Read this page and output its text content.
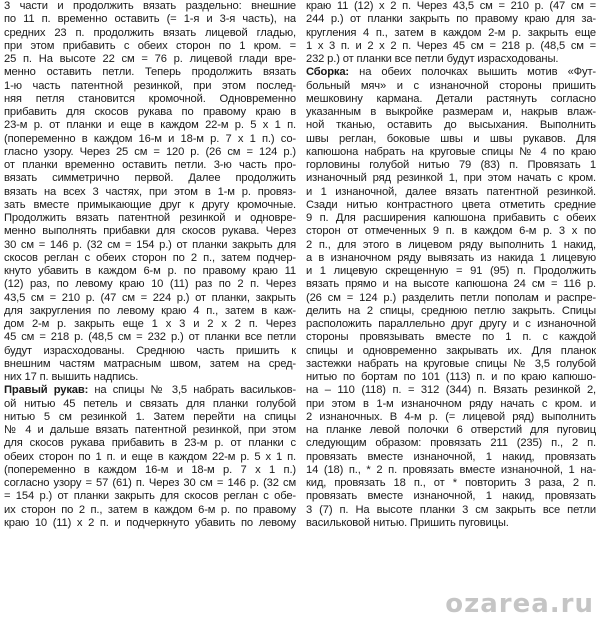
3 части и продолжить вязать раздельно: внешние
по 11 п. временно оставить (= 1-я и 3-я часть), на
средних 23 п. продолжить вязать лицевой гладью,
при этом прибавить с обеих сторон по 1 кром. =
25 п. На высоте 22 см = 76 р. лицевой глади вре-
менно оставить петли. Теперь продолжить вязать
1-ю часть патентной резинкой, при этом послед-
няя петля становится кромочной. Одновременно
прибавить для скосов рукава по правому краю в
23-м р. от планки и еще в каждом 22-м р. 5 x 1 п.
(попеременно в каждом 16-м и 18-м р. 7 x 1 п.) со-
гласно узору. Через 25 см = 120 р. (26 см = 124 р.)
от планки временно оставить петли. 3-ю часть про-
вязать симметрично первой. Далее продолжить
вязать на всех 3 частях, при этом в 1-м р. провяз-
зать вместе примыкающие друг к другу кромочные.
Продолжить вязать патентной резинкой и одновре-
менно выполнять прибавки для скосов рукава. Через
30 см = 146 р. (32 см = 154 р.) от планки закрыть для
скосов реглан с обеих сторон по 2 п., затем подчер-
кнуто убавить в каждом 6-м р. по правому краю 11
(12) раз, по левому краю 10 (11) раз по 2 п. Через
43,5 см = 210 р. (47 см = 224 р.) от планки, закрыть
для закругления по левому краю 4 п., затем в каж-
дом 2-м р. закрыть еще 1 x 3 и 2 x 2 п. Через
45 см = 218 р. (48,5 см = 232 р.) от планки все петли
будут израсходованы. Среднюю часть пришить к
внешним частям матрасным швом, затем на сред-
них 17 п. вышить надпись.
Правый рукав: на спицы № 3,5 набрать васильков-
ой нитью 45 петель и связать для планки голубой
нитью 5 см резинкой 1. Затем перейти на спицы
№ 4 и дальше вязать патентной резинкой, при этом
для скосов рукава прибавить в 23-м р. от планки с
обеих сторон по 1 п. и еще в каждом 22-м р. 5 x 1 п.
(попеременно в каждом 16-м и 18-м р. 7 x 1 п.)
согласно узору = 57 (61) п. Через 30 см = 146 р. (32 см
= 154 р.) от планки закрыть для скосов реглан с обе-
их сторон по 2 п., затем в каждом 6-м р. по правому
краю 10 (11) x 2 п. и подчеркнуто убавить по левому
краю 11 (12) x 2 п. Через 43,5 см = 210 р. (47 см =
244 р.) от планки закрыть по правому краю для за-
кругления 4 п., затем в каждом 2-м р. закрыть еще
1 x 3 п. и 2 x 2 п. Через 45 см = 218 р. (48,5 см =
232 р.) от планки все петли будут израсходованы.
Сборка: на обеих полочках вышить мотив «Фут-
больный мяч» и с изнаночной стороны пришить
мешковину кармана. Детали растянуть согласно
указанным в выкройке размерам и, накрыв влаж-
ной тканью, оставить до высыхания. Выполнить
швы реглан, боковые швы и швы рукавов. Для
капюшона набрать на круговые спицы № 4 по краю
горловины голубой нитью 79 (83) п. Провязать 1
изнаночный ряд резинкой 1, при этом начать с кром.
и 1 изнаночной, далее вязать патентной резинкой.
Сзади нитью контрастного цвета отметить средние
9 п. Для расширения капюшона прибавить с обеих
сторон от отмеченных 9 п. в каждом 6-м р. 3 x по
2 п., для этого в лицевом ряду выполнить 1 накид,
а в изнаночном ряду вывязать из накида 1 лицевую
и 1 лицевую скрещенную = 91 (95) п. Продолжить
вязать прямо и на высоте капюшона 24 см = 116 р.
(26 см = 124 р.) разделить петли пополам и распре-
делить на 2 спицы, среднюю петлю закрыть. Спицы
расположить параллельно друг другу и с изнаночной
стороны провязывать вместе по 1 п. с каждой
спицы и одновременно закрывать их. Для планок
застежки набрать на круговые спицы № 3,5 голубой
нитью по бортам по 101 (113) п. и по краю капюшо-
на – 110 (118) п. = 312 (344) п. Вязать резинкой 2,
при этом в 1-м изнаночном ряду начать с кром. и
2 изнаночных. В 4-м р. (= лицевой ряд) выполнить
на планке левой полочки 6 отверстий для пуговиц
следующим образом: провязать 211 (235) п., 2 п.
провязать вместе изнаночной, 1 накид, провязать
14 (18) п., * 2 п. провязать вместе изнаночной, 1 на-
кид, провязать 18 п., от * повторить 3 раза, 2 п.
провязать вместе изнаночной, 1 накид, провязать
3 (7) п. На высоте планки 3 см закрыть все петли
васильковой нитью. Пришить пуговицы.
ozarea.ru
